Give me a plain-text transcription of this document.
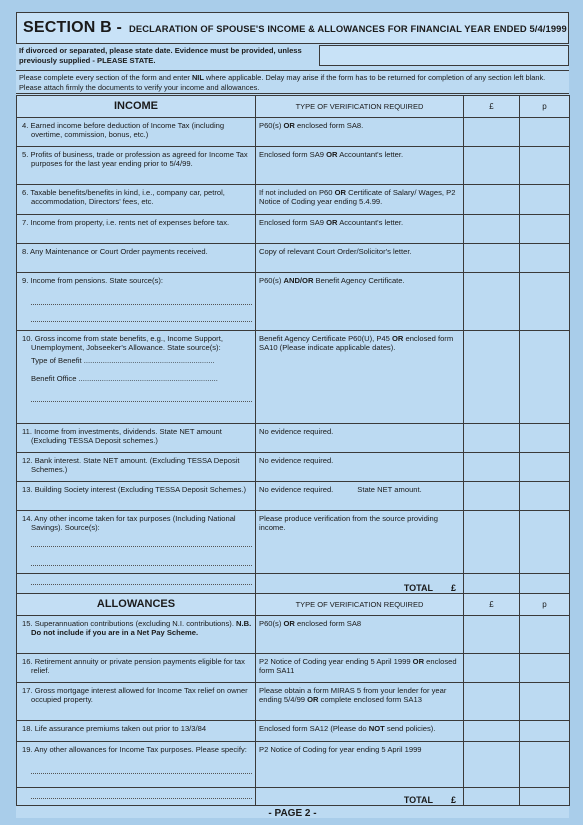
SECTION B - DECLARATION OF SPOUSE'S INCOME & ALLOWANCES FOR FINANCIAL YEAR ENDED 5/4/1999
If divorced or separated, please state date. Evidence must be provided, unless previously supplied - PLEASE STATE.
Please complete every section of the form and enter NIL where applicable. Delay may arise if the form has to be returned for completion of any section left blank. Please attach firmly the documents to verify your income and allowances.
INCOME	TYPE OF VERIFICATION REQUIRED	£	p

4. Earned income before deduction of Income Tax (including overtime, commission, bonus, etc.)	P60(s) OR enclosed form SA8.		

5. Profits of business, trade or profession as agreed for Income Tax purposes for the last year ending prior to 5/4/99.	Enclosed form SA9 OR Accountant's letter.		

6. Taxable benefits/benefits in kind, i.e., company car, petrol, accommodation, Directors' fees, etc.	If not included on P60 OR Certificate of Salary/ Wages, P2 Notice of Coding year ending 5.4.99.		

7. Income from property, i.e. rents net of expenses before tax.	Enclosed form SA9 OR Accountant's letter.		

8. Any Maintenance or Court Order payments received.	Copy of relevant Court Order/Solicitor's letter.		

9. Income from pensions. State source(s):	P60(s) AND/OR Benefit Agency Certificate.		

10. Gross income from state benefits, e.g., Income Support, Unemployment, Jobseeker's Allowance. State source(s):
Type of Benefit ..............................................................
Benefit Office ..................................................................	Benefit Agency Certificate P60(U), P45 OR enclosed form SA10 (Please indicate applicable dates).		

11. Income from investments, dividends. State NET amount (Excluding TESSA Deposit schemes.)	No evidence required.		

12. Bank interest. State NET amount. (Excluding TESSA Deposit Schemes.)	No evidence required.		

13. Building Society interest (Excluding TESSA Deposit Schemes.)	No evidence required. State NET amount.		

14. Any other income taken for tax purposes (Including National Savings). Source(s):	Please produce verification from the source providing income.		

	TOTAL £		
ALLOWANCES	TYPE OF VERIFICATION REQUIRED	£	p

15. Superannuation contributions (excluding N.I. contributions). N.B. Do not include if you are in a Net Pay Scheme.	P60(s) OR enclosed form SA8		

16. Retirement annuity or private pension payments eligible for tax relief.	P2 Notice of Coding year ending 5 April 1999 OR enclosed form SA11		

17. Gross mortgage interest allowed for Income Tax relief on owner occupied property.	Please obtain a form MIRAS 5 from your lender for year ending 5/4/99 OR complete enclosed form SA13		

18. Life assurance premiums taken out prior to 13/3/84	Enclosed form SA12 (Please do NOT send policies).		

19. Any other allowances for Income Tax purposes. Please specify:	P2 Notice of Coding for year ending 5 April 1999		

	TOTAL £		
- PAGE 2 -
